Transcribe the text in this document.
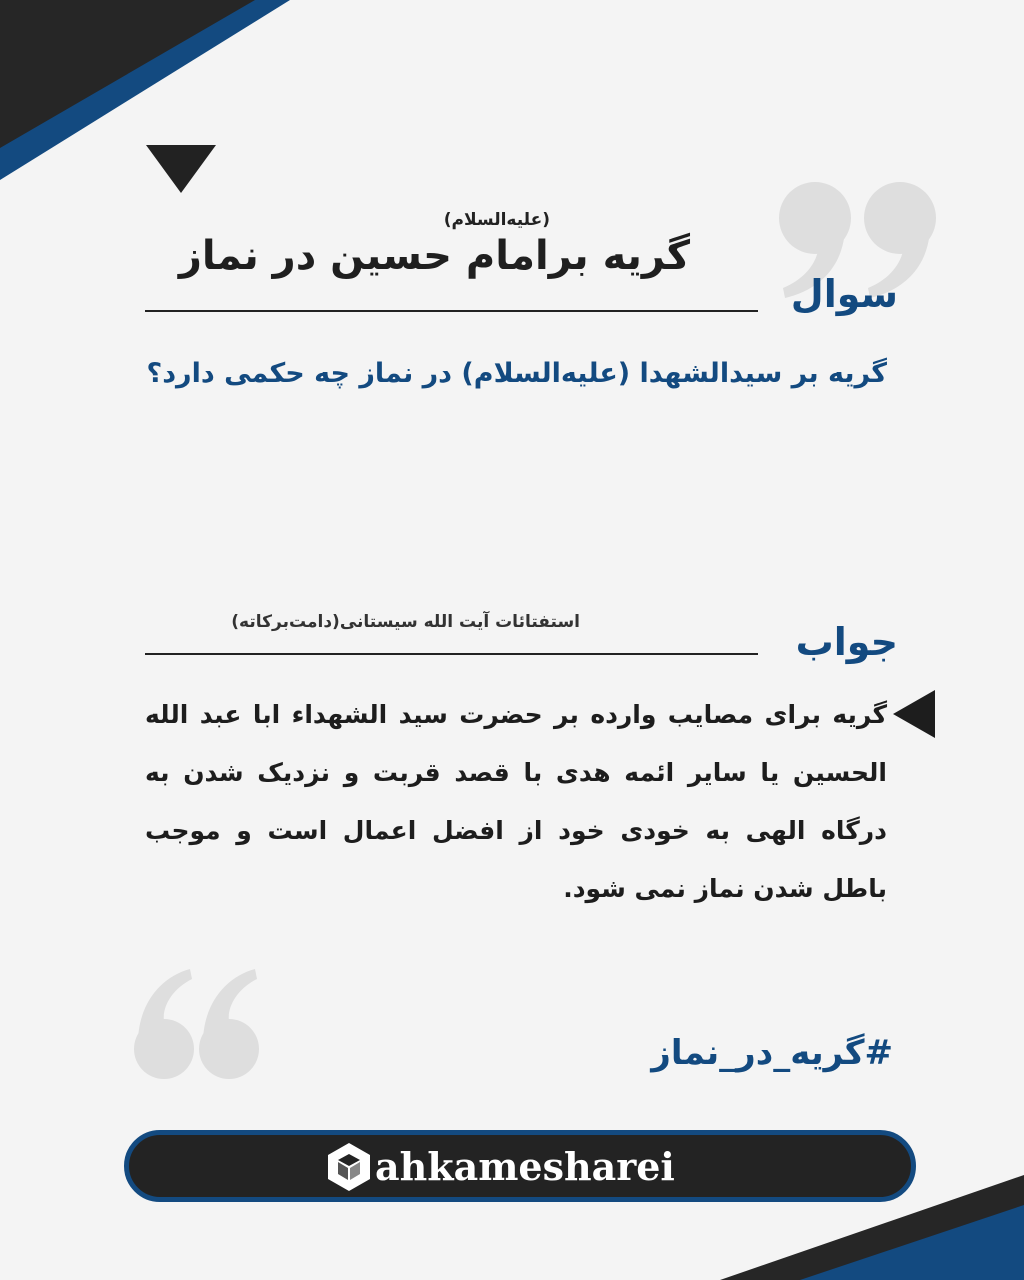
(علیه‌السلام)
گریه برامام حسین در نماز
سوال
گریه بر سیدالشهدا (علیه‌السلام) در نماز چه حکمی دارد؟
استفتائات آیت الله سیستانی(دامت‌برکاته)	جواب
گریه برای مصایب وارده بر حضرت سید الشهداء ابا عبد الله الحسین یا سایر ائمه هدی با قصد قربت و نزدیک شدن به درگاه الهی به خودی خود از افضل اعمال است و موجب باطل شدن نماز نمی شود.
#گریه_در_نماز
ahkamesharei
